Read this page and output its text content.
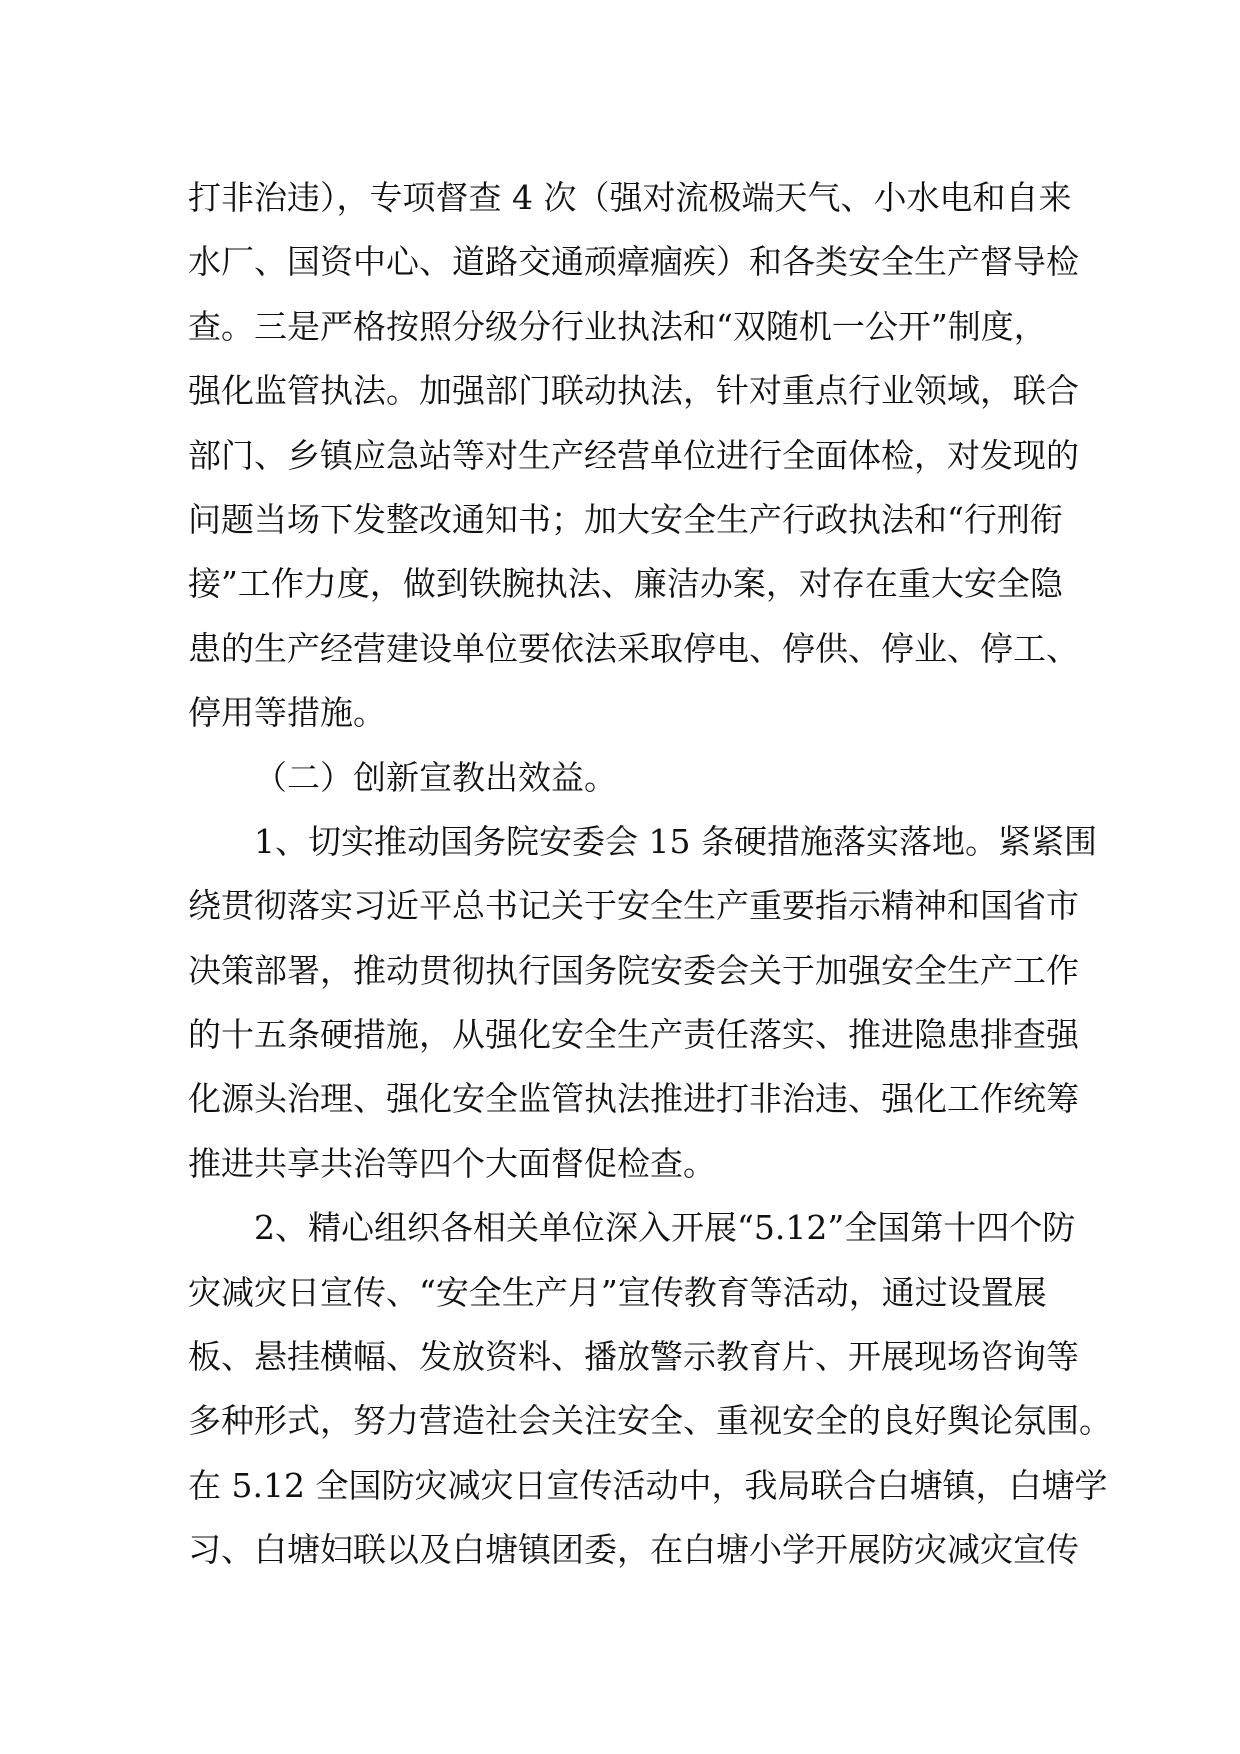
打非治违），专项督查 4 次（强对流极端天气、小水电和自来
水厂、国资中心、道路交通顽瘴痼疾）和各类安全生产督导检
查。三是严格按照分级分行业执法和“双随机一公开”制度，
强化监管执法。加强部门联动执法，针对重点行业领域，联合
部门、乡镇应急站等对生产经营单位进行全面体检，对发现的
问题当场下发整改通知书；加大安全生产行政执法和“行刑衔
接”工作力度，做到铁腕执法、廉洁办案，对存在重大安全隐
患的生产经营建设单位要依法采取停电、停供、停业、停工、
停用等措施。
（二）创新宣教出效益。
1、切实推动国务院安委会 15 条硬措施落实落地。紧紧围
绕贯彻落实习近平总书记关于安全生产重要指示精神和国省市
决策部署，推动贯彻执行国务院安委会关于加强安全生产工作
的十五条硬措施，从强化安全生产责任落实、推进隐患排查强
化源头治理、强化安全监管执法推进打非治违、强化工作统筹
推进共享共治等四个大面督促检查。
2、精心组织各相关单位深入开展“5.12”全国第十四个防
灾减灾日宣传、“安全生产月”宣传教育等活动，通过设置展
板、悬挂横幅、发放资料、播放警示教育片、开展现场咨询等
多种形式，努力营造社会关注安全、重视安全的良好舆论氛围。
在 5.12 全国防灾减灾日宣传活动中，我局联合白塘镇，白塘学
习、白塘妇联以及白塘镇团委，在白塘小学开展防灾减灾宣传
